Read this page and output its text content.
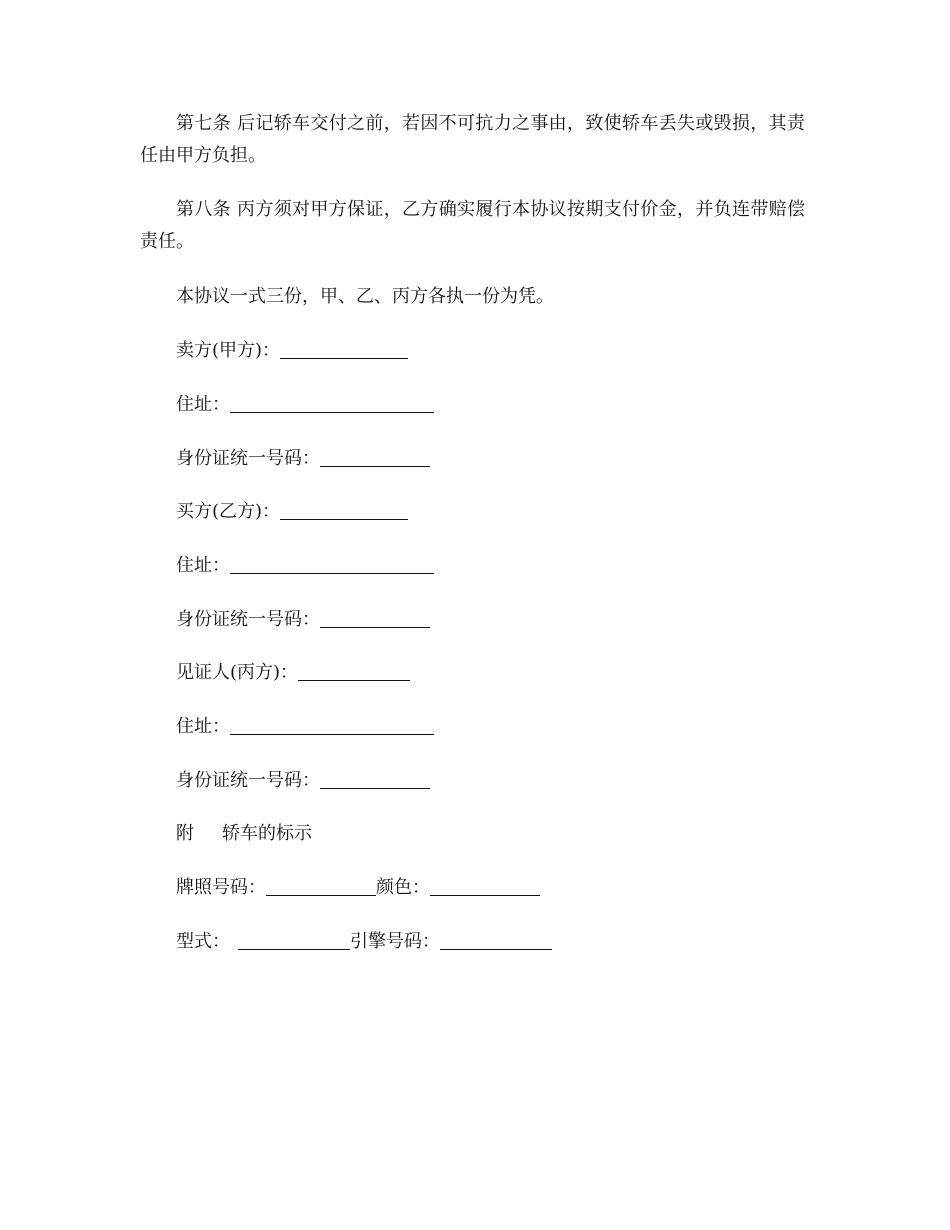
第七条 后记轿车交付之前，若因不可抗力之事由，致使轿车丢失或毁损，其责任由甲方负担。

第八条 丙方须对甲方保证，乙方确实履行本协议按期支付价金，并负连带赔偿责任。

本协议一式三份，甲、乙、丙方各执一份为凭。

卖方(甲方)：
住址：
身份证统一号码：
买方(乙方)：
住址：
身份证统一号码：
见证人(丙方)：
住址：
身份证统一号码：
附 轿车的标示
牌照号码：	颜色：
型式：	引擎号码：
